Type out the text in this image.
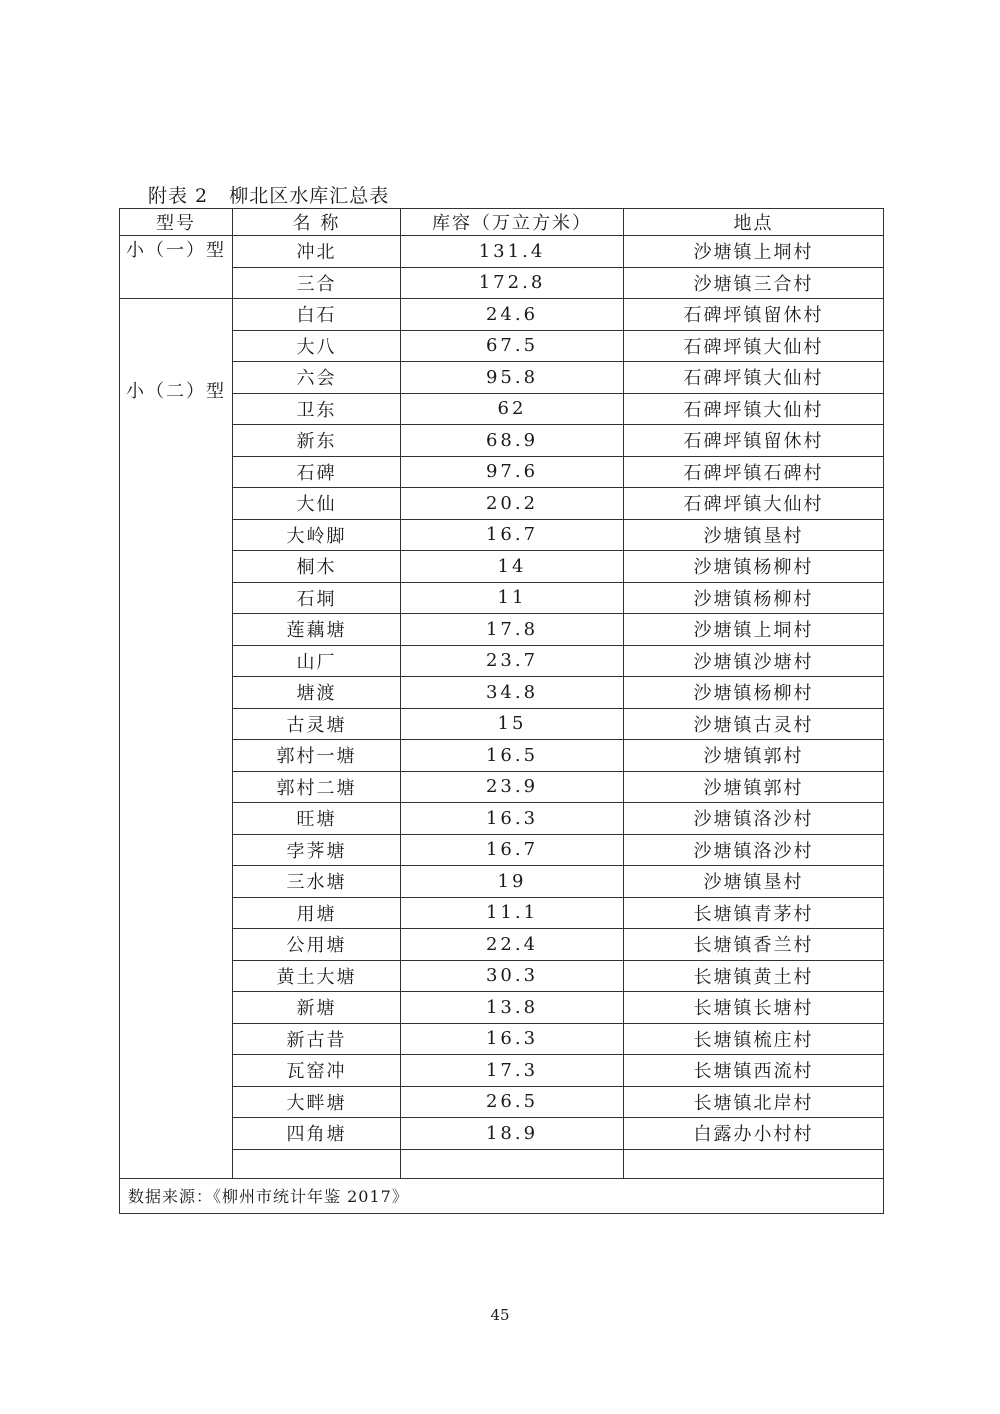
附表 2   柳北区水库汇总表
型号	名 称	库容（万立方米）	地点
小（一）型	冲北	131.4	沙塘镇上垌村
	三合	172.8	沙塘镇三合村
小（二）型	白石	24.6	石碑坪镇留休村
	大八	67.5	石碑坪镇大仙村
	六会	95.8	石碑坪镇大仙村
	卫东	62	石碑坪镇大仙村
	新东	68.9	石碑坪镇留休村
	石碑	97.6	石碑坪镇石碑村
	大仙	20.2	石碑坪镇大仙村
	大岭脚	16.7	沙塘镇垦村
	桐木	14	沙塘镇杨柳村
	石垌	11	沙塘镇杨柳村
	莲藕塘	17.8	沙塘镇上垌村
	山厂	23.7	沙塘镇沙塘村
	塘渡	34.8	沙塘镇杨柳村
	古灵塘	15	沙塘镇古灵村
	郭村一塘	16.5	沙塘镇郭村
	郭村二塘	23.9	沙塘镇郭村
	旺塘	16.3	沙塘镇洛沙村
	孛荠塘	16.7	沙塘镇洛沙村
	三水塘	19	沙塘镇垦村
	用塘	11.1	长塘镇青茅村
	公用塘	22.4	长塘镇香兰村
	黄土大塘	30.3	长塘镇黄土村
	新塘	13.8	长塘镇长塘村
	新古昔	16.3	长塘镇梳庄村
	瓦窑冲	17.3	长塘镇西流村
	大畔塘	26.5	长塘镇北岸村
	四角塘	18.9	白露办小村村

数据来源：《柳州市统计年鉴 2017》			
45
